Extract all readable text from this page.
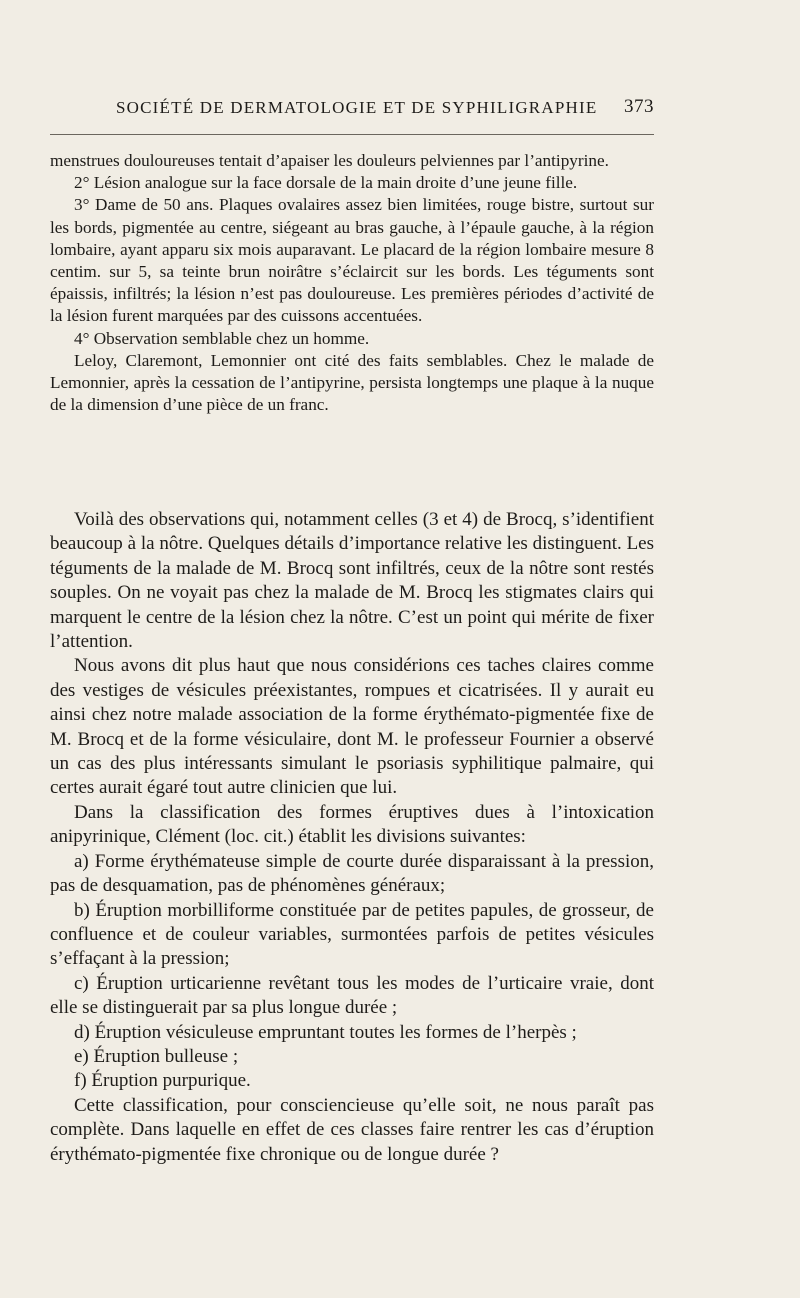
SOCIÉTÉ DE DERMATOLOGIE ET DE SYPHILIGRAPHIE 373

menstrues douloureuses tentait d’apaiser les douleurs pelviennes par l’antipyrine.

2° Lésion analogue sur la face dorsale de la main droite d’une jeune fille.

3° Dame de 50 ans. Plaques ovalaires assez bien limitées, rouge bistre, surtout sur les bords, pigmentée au centre, siégeant au bras gauche, à l’épaule gauche, à la région lombaire, ayant apparu six mois auparavant. Le placard de la région lombaire mesure 8 centim. sur 5, sa teinte brun noirâtre s’éclaircit sur les bords. Les téguments sont épaissis, infiltrés; la lésion n’est pas douloureuse. Les premières périodes d’activité de la lésion furent marquées par des cuissons accentuées.

4° Observation semblable chez un homme.

Leloy, Claremont, Lemonnier ont cité des faits semblables. Chez le malade de Lemonnier, après la cessation de l’antipyrine, persista longtemps une plaque à la nuque de la dimension d’une pièce de un franc.

Voilà des observations qui, notamment celles (3 et 4) de Brocq, s’identifient beaucoup à la nôtre. Quelques détails d’importance relative les distinguent. Les téguments de la malade de M. Brocq sont infiltrés, ceux de la nôtre sont restés souples. On ne voyait pas chez la malade de M. Brocq les stigmates clairs qui marquent le centre de la lésion chez la nôtre. C’est un point qui mérite de fixer l’attention.

Nous avons dit plus haut que nous considérions ces taches claires comme des vestiges de vésicules préexistantes, rompues et cicatrisées. Il y aurait eu ainsi chez notre malade association de la forme érythémato-pigmentée fixe de M. Brocq et de la forme vésiculaire, dont M. le professeur Fournier a observé un cas des plus intéressants simulant le psoriasis syphilitique palmaire, qui certes aurait égaré tout autre clinicien que lui.

Dans la classification des formes éruptives dues à l’intoxication anipyrinique, Clément (loc. cit.) établit les divisions suivantes:

a) Forme érythémateuse simple de courte durée disparaissant à la pression, pas de desquamation, pas de phénomènes généraux;

b) Éruption morbilliforme constituée par de petites papules, de grosseur, de confluence et de couleur variables, surmontées parfois de petites vésicules s’effaçant à la pression;

c) Éruption urticarienne revêtant tous les modes de l’urticaire vraie, dont elle se distinguerait par sa plus longue durée ;

d) Éruption vésiculeuse empruntant toutes les formes de l’herpès ;

e) Éruption bulleuse ;

f) Éruption purpurique.

Cette classification, pour consciencieuse qu’elle soit, ne nous paraît pas complète. Dans laquelle en effet de ces classes faire rentrer les cas d’éruption érythémato-pigmentée fixe chronique ou de longue durée ?
